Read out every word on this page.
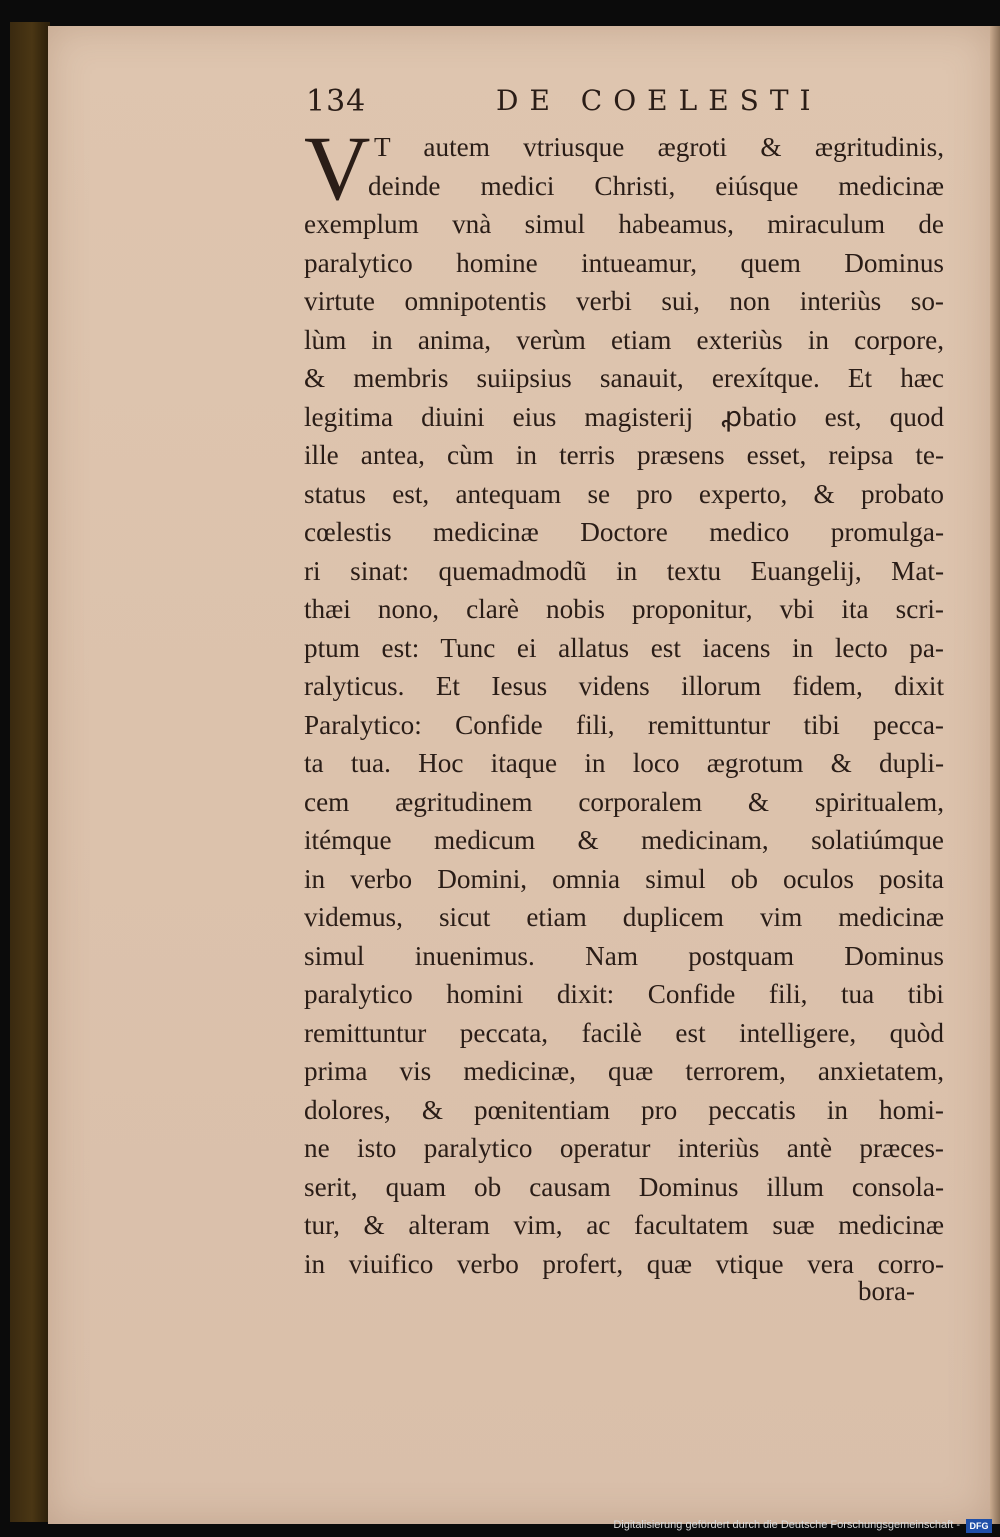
134	DE COELESTI
V T autem vtriusque ægroti & ægritudinis,
deinde medici Christi, eiúsque medicinæ
exemplum vnà simul habeamus, miraculum de
paralytico homine intueamur, quem Dominus
virtute omnipotentis verbi sui, non interiùs so-
lùm in anima, verùm etiam exteriùs in corpore,
& membris suiipsius sanauit, erexítque. Et hæc
legitima diuini eius magisterij ꝓbatio est, quod
ille antea, cùm in terris præsens esset, reipsa te-
status est, antequam se pro experto, & probato
cœlestis medicinæ Doctore medico promulga-
ri sinat: quemadmodũ in textu Euangelij, Mat-
thæi nono, clarè nobis proponitur, vbi ita scri-
ptum est: Tunc ei allatus est iacens in lecto pa-
ralyticus. Et Iesus videns illorum fidem, dixit
Paralytico: Confide fili, remittuntur tibi pecca-
ta tua. Hoc itaque in loco ægrotum & dupli-
cem ægritudinem corporalem & spiritualem,
itémque medicum & medicinam, solatiúmque
in verbo Domini, omnia simul ob oculos posita
videmus, sicut etiam duplicem vim medicinæ
simul inuenimus. Nam postquam Dominus
paralytico homini dixit: Confide fili, tua tibi
remittuntur peccata, facilè est intelligere, quòd
prima vis medicinæ, quæ terrorem, anxietatem,
dolores, & pœnitentiam pro peccatis in homi-
ne isto paralytico operatur interiùs antè præces-
serit, quam ob causam Dominus illum consola-
tur, & alteram vim, ac facultatem suæ medicinæ
in viuifico verbo profert, quæ vtique vera corro-
bora-
Digitalisierung gefördert durch die Deutsche Forschungsgemeinschaft -	DFG
